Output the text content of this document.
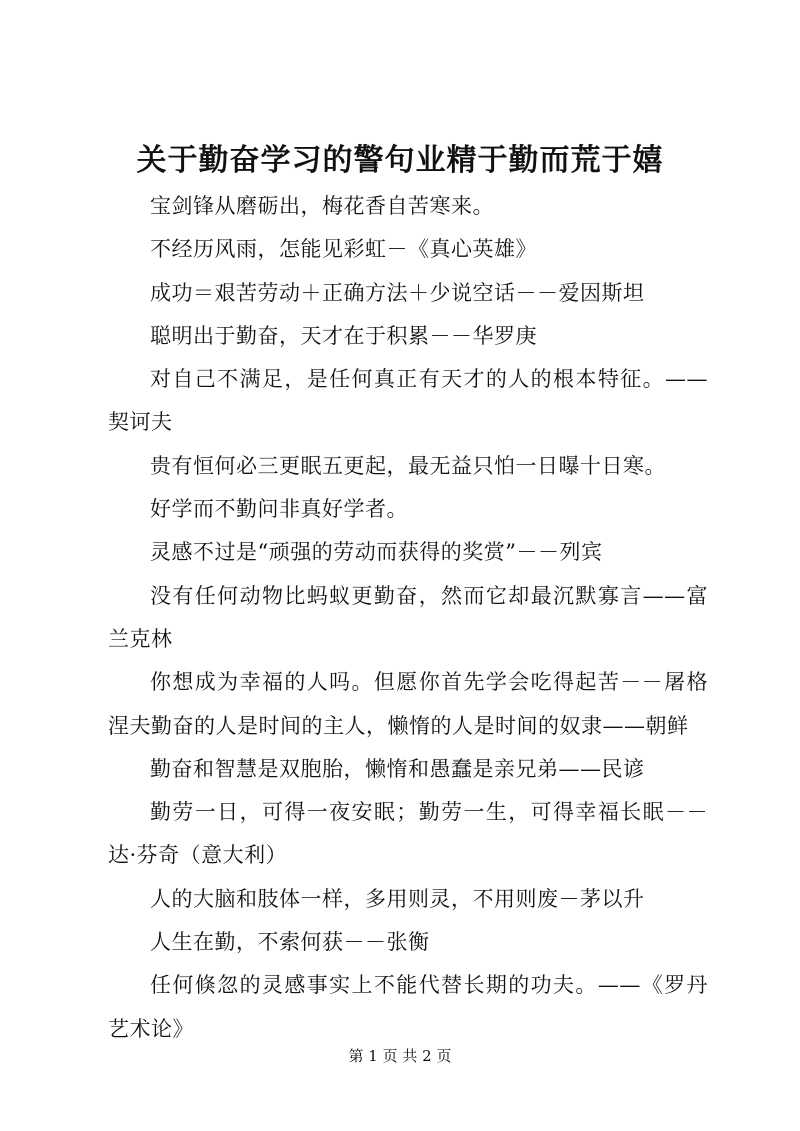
关于勤奋学习的警句业精于勤而荒于嬉

宝剑锋从磨砺出，梅花香自苦寒来。

不经历风雨，怎能见彩虹－《真心英雄》

成功＝艰苦劳动＋正确方法＋少说空话－－爱因斯坦

聪明出于勤奋，天才在于积累－－华罗庚

对自己不满足，是任何真正有天才的人的根本特征。——契诃夫

贵有恒何必三更眠五更起，最无益只怕一日曝十日寒。

好学而不勤问非真好学者。

灵感不过是“顽强的劳动而获得的奖赏”－－列宾

没有任何动物比蚂蚁更勤奋，然而它却最沉默寡言——富兰克林

你想成为幸福的人吗。但愿你首先学会吃得起苦－－屠格涅夫勤奋的人是时间的主人，懒惰的人是时间的奴隶——朝鲜

勤奋和智慧是双胞胎，懒惰和愚蠢是亲兄弟——民谚

勤劳一日，可得一夜安眠；勤劳一生，可得幸福长眠－－达·芬奇（意大利）

人的大脑和肢体一样，多用则灵，不用则废－茅以升

人生在勤，不索何获－－张衡

任何倏忽的灵感事实上不能代替长期的功夫。——《罗丹艺术论》

第 1 页 共 2 页
